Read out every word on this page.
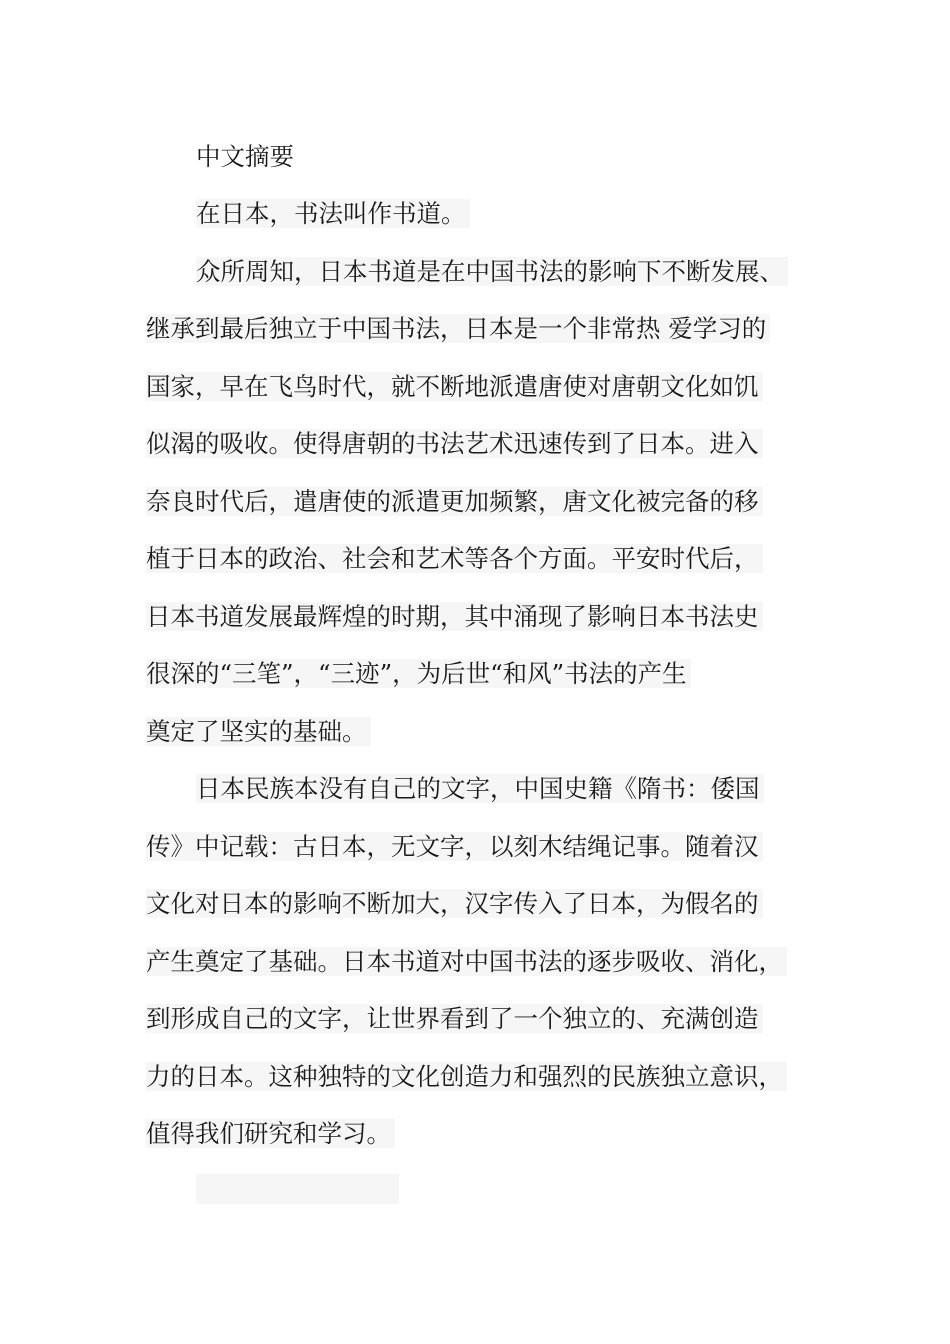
中文摘要
在日本，书法叫作书道。
众所周知，日本书道是在中国书法的影响下不断发展、
继承到最后独立于中国书法，日本是一个非常热 爱学习的
国家，早在飞鸟时代，就不断地派遣唐使对唐朝文化如饥
似渴的吸收。使得唐朝的书法艺术迅速传到了日本。进入
奈良时代后，遣唐使的派遣更加频繁，唐文化被完备的移
植于日本的政治、社会和艺术等各个方面。平安时代后，
日本书道发展最辉煌的时期，其中涌现了影响日本书法史
很深的“三笔”，“三迹”，为后世“和风”书法的产生
奠定了坚实的基础。
日本民族本没有自己的文字，中国史籍《隋书：倭国
传》中记载：古日本，无文字，以刻木结绳记事。随着汉
文化对日本的影响不断加大，汉字传入了日本，为假名的
产生奠定了基础。日本书道对中国书法的逐步吸收、消化，
到形成自己的文字，让世界看到了一个独立的、充满创造
力的日本。这种独特的文化创造力和强烈的民族独立意识，
值得我们研究和学习。
